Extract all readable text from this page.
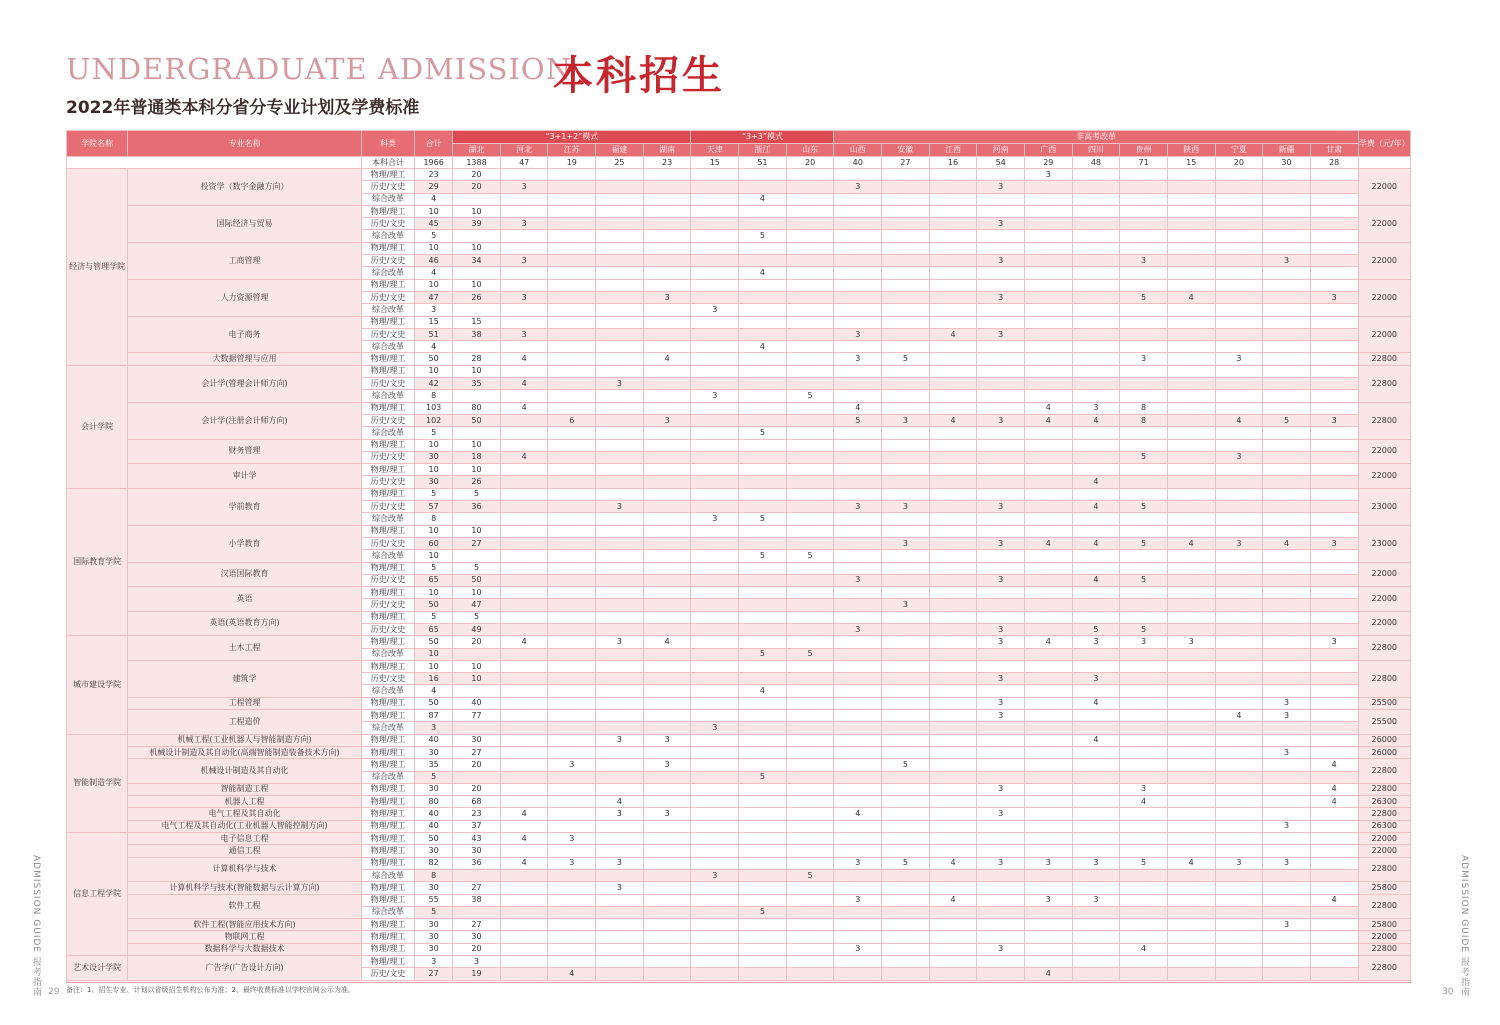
UNDERGRADUATE ADMISSION
本科招生
2022年普通类本科分省分专业计划及学费标准
学院名称	专业名称	科类	合计	“3+1+2”模式					“3+3”模式			非高考改革											学费（元/年）
				湖北	河北	江苏	福建	湖南	天津	浙江	山东	山西	安徽	江西	河南	广西	四川	贵州	陕西	宁夏	新疆	甘肃	
		本科合计	1966	1388	47	19	25	23	15	51	20	40	27	16	54	29	48	71	15	20	30	28	
经济与管理学院	投资学（数字金融方向）	物理/理工	23	20												3							22000
		历史/文史	29	20	3							3			3								
		综合改革	4							4													
	国际经济与贸易	物理/理工	10	10																			22000
		历史/文史	45	39	3										3								
		综合改革	5							5													
	工商管理	物理/理工	10	10																			22000
		历史/文史	46	34	3										3			3			3		
		综合改革	4							4													
	人力资源管理	物理/理工	10	10																			22000
		历史/文史	47	26	3			3							3			5	4			3	
		综合改革	3						3														
	电子商务	物理/理工	15	15																			22000
		历史/文史	51	38	3							3		4	3								
		综合改革	4							4													
	大数据管理与应用	物理/理工	50	28	4			4				3	5					3		3			22800
会计学院	会计学(管理会计师方向)	物理/理工	10	10																			22800
		历史/文史	42	35	4		3																
		综合改革	8						3		5												
	会计学(注册会计师方向)	物理/理工	103	80	4							4				4	3	8					22800
		历史/文史	102	50		6		3				5	3	4	3	4	4	8		4	5	3	
		综合改革	5							5													
	财务管理	物理/理工	10	10																			22000
		历史/文史	30	18	4													5		3			
	审计学	物理/理工	10	10																			22000
		历史/文史	30	26													4						
国际教育学院	学前教育	物理/理工	5	5																			23000
		历史/文史	57	36			3					3	3		3		4	5					
		综合改革	8						3	5													
	小学教育	物理/理工	10	10																			23000
		历史/文史	60	27									3		3	4	4	5	4	3	4	3	
		综合改革	10							5	5												
	汉语国际教育	物理/理工	5	5																			22000
		历史/文史	65	50								3			3		4	5					
	英语	物理/理工	10	10																			22000
		历史/文史	50	47									3										
	英语(英语教育方向)	物理/理工	5	5																			22000
		历史/文史	65	49								3			3		5	5					
城市建设学院	土木工程	物理/理工	50	20	4		3	4							3	4	3	3	3			3	22800
		综合改革	10							5	5												
	建筑学	物理/理工	10	10																			22800
		历史/文史	16	10											3		3						
		综合改革	4							4													
	工程管理	物理/理工	50	40											3		4				3		25500
	工程造价	物理/理工	87	77											3					4	3		25500
		综合改革	3						3														
智能制造学院	机械工程(工业机器人与智能制造方向)	物理/理工	40	30			3	3									4						26000
	机械设计制造及其自动化(高端智能制造装备技术方向)	物理/理工	30	27																	3		26000
	机械设计制造及其自动化	物理/理工	35	20		3		3					5									4	22800
		综合改革	5							5													
	智能制造工程	物理/理工	30	20											3			3				4	22800
	机器人工程	物理/理工	80	68			4											4				4	26300
	电气工程及其自动化	物理/理工	40	23	4		3	3				4			3								22800
	电气工程及其自动化(工业机器人智能控制方向)	物理/理工	40	37																	3		26300
信息工程学院	电子信息工程	物理/理工	50	43	4	3																	22000
	通信工程	物理/理工	30	30																			22000
	计算机科学与技术	物理/理工	82	36	4	3	3					3	5	4	3	3	3	5	4	3	3		22800
		综合改革	8						3		5												
	计算机科学与技术(智能数据与云计算方向)	物理/理工	30	27			3																25800
	软件工程	物理/理工	55	38								3		4		3	3					4	22800
		综合改革	5							5													
	软件工程(智能应用技术方向)	物理/理工	30	27																	3		25800
	物联网工程	物理/理工	30	30																			22000
	数据科学与大数据技术	物理/理工	30	20								3			3			4					22800
艺术设计学院	广告学(广告设计方向)	物理/理工	3	3																			22800
		历史/文史	27	19		4										4							
备注：1、招生专业、计划以省级招生机构公布为准；2、最终收费标准以学校官网公示为准。
29	30
ADMISSION GUIDE 报考指南	ADMISSION GUIDE 报考指南
